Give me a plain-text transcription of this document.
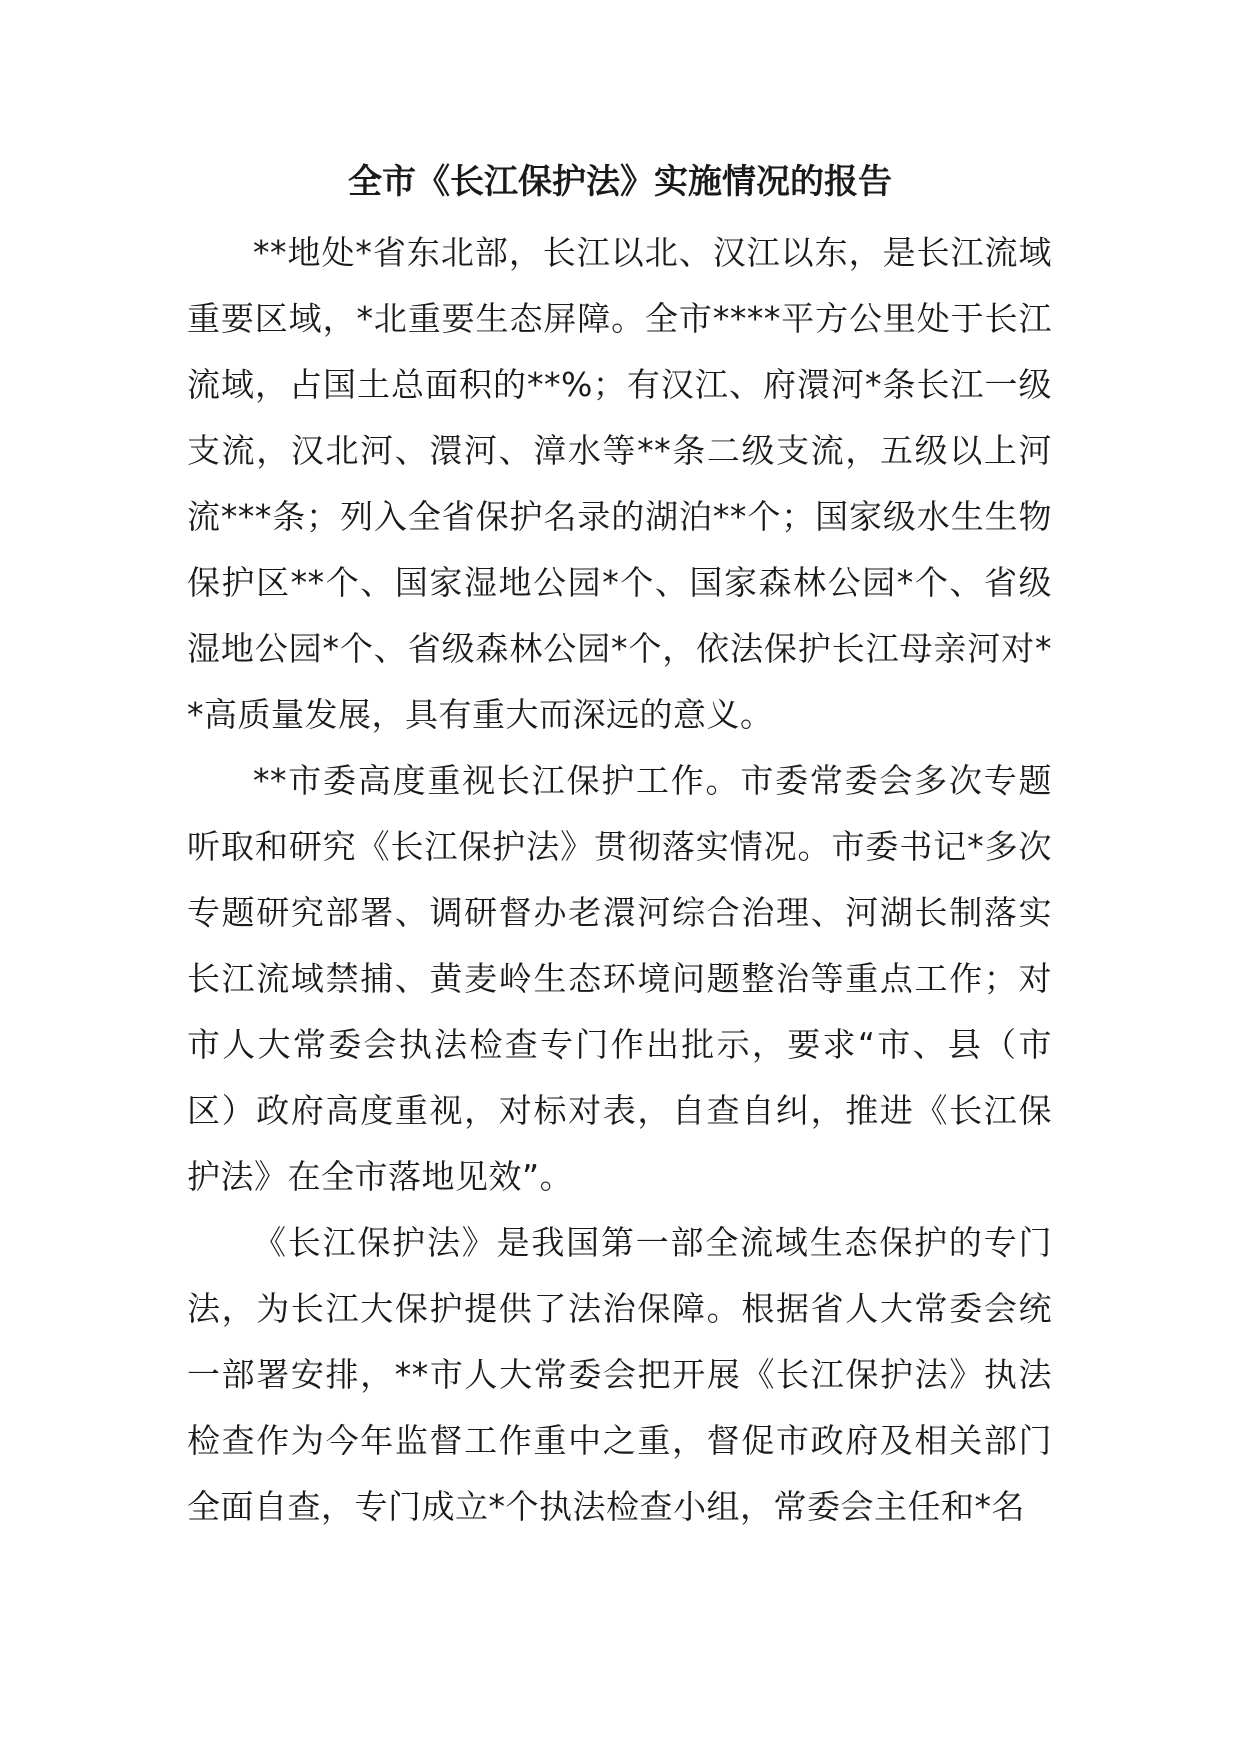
全市《长江保护法》实施情况的报告

**地处*省东北部，长江以北、汉江以东，是长江流域重要区域，*北重要生态屏障。全市****平方公里处于长江流域，占国土总面积的**%；有汉江、府澴河*条长江一级支流，汉北河、澴河、漳水等**条二级支流，五级以上河流***条；列入全省保护名录的湖泊**个；国家级水生生物保护区**个、国家湿地公园*个、国家森林公园*个、省级湿地公园*个、省级森林公园*个，依法保护长江母亲河对**高质量发展，具有重大而深远的意义。

**市委高度重视长江保护工作。市委常委会多次专题听取和研究《长江保护法》贯彻落实情况。市委书记*多次专题研究部署、调研督办老澴河综合治理、河湖长制落实长江流域禁捕、黄麦岭生态环境问题整治等重点工作；对市人大常委会执法检查专门作出批示，要求“市、县（市区）政府高度重视，对标对表，自查自纠，推进《长江保护法》在全市落地见效”。

《长江保护法》是我国第一部全流域生态保护的专门法，为长江大保护提供了法治保障。根据省人大常委会统一部署安排，**市人大常委会把开展《长江保护法》执法检查作为今年监督工作重中之重，督促市政府及相关部门全面自查，专门成立*个执法检查小组，常委会主任和*名
